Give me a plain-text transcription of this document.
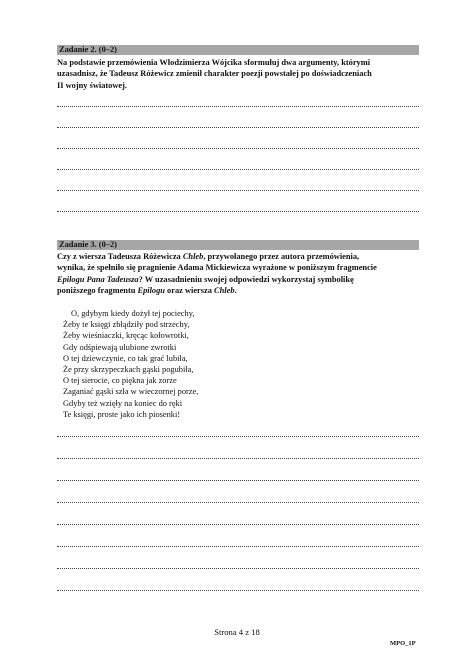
Zadanie 2. (0–2)
Na podstawie przemówienia Włodzimierza Wójcika sformułuj dwa argumenty, którymi
uzasadnisz, że Tadeusz Różewicz zmienił charakter poezji powstałej po doświadczeniach
II wojny światowej.
Zadanie 3. (0–2)
Czy z wiersza Tadeusza Różewicza Chleb, przywołanego przez autora przemówienia,
wynika, że spełniło się pragnienie Adama Mickiewicza wyrażone w poniższym fragmencie
Epilogu Pana Tadeusza? W uzasadnieniu swojej odpowiedzi wykorzystaj symbolikę
poniższego fragmentu Epilogu oraz wiersza Chleb.
O, gdybym kiedy dożył tej pociechy,
Żeby te księgi zbłądziły pod strzechy,
Żeby wieśniaczki, kręcąc kołowrotki,
Gdy odśpiewają ulubione zwrotki
O tej dziewczynie, co tak grać lubiła,
Że przy skrzypeczkach gąski pogubiła,
O tej sierocie, co piękna jak zorze
Zaganiać gąski szła w wieczornej porze,
Gdyby też wzięły na koniec do ręki
Te księgi, proste jako ich piosenki!
Strona 4 z 18
MPO_1P
